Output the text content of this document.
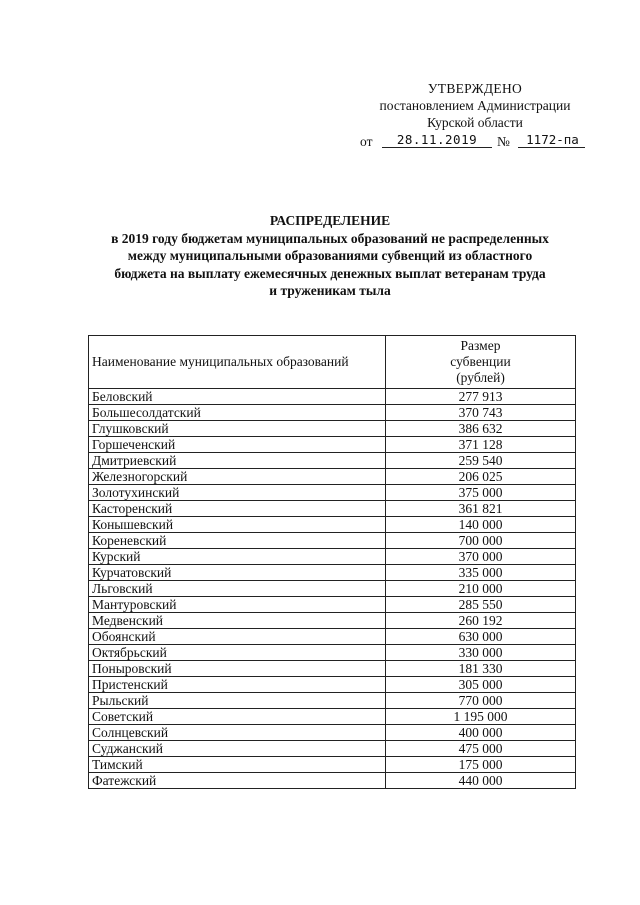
УТВЕРЖДЕНО
постановлением Администрации
Курской области
от	28.11.2019	№	1172-па
РАСПРЕДЕЛЕНИЕ
в 2019 году бюджетам муниципальных образований не распределенных
между муниципальными образованиями субвенций из областного
бюджета на выплату ежемесячных денежных выплат ветеранам труда
и труженикам тыла
Наименование муниципальных образований	Размер
субвенции
(рублей)

Беловский	277 913
Большесолдатский	370 743
Глушковский	386 632
Горшеченский	371 128
Дмитриевский	259 540
Железногорский	206 025
Золотухинский	375 000
Касторенский	361 821
Конышевский	140 000
Кореневский	700 000
Курский	370 000
Курчатовский	335 000
Льговский	210 000
Мантуровский	285 550
Медвенский	260 192
Обоянский	630 000
Октябрьский	330 000
Поныровский	181 330
Пристенский	305 000
Рыльский	770 000
Советский	1 195 000
Солнцевский	400 000
Суджанский	475 000
Тимский	175 000
Фатежский	440 000
